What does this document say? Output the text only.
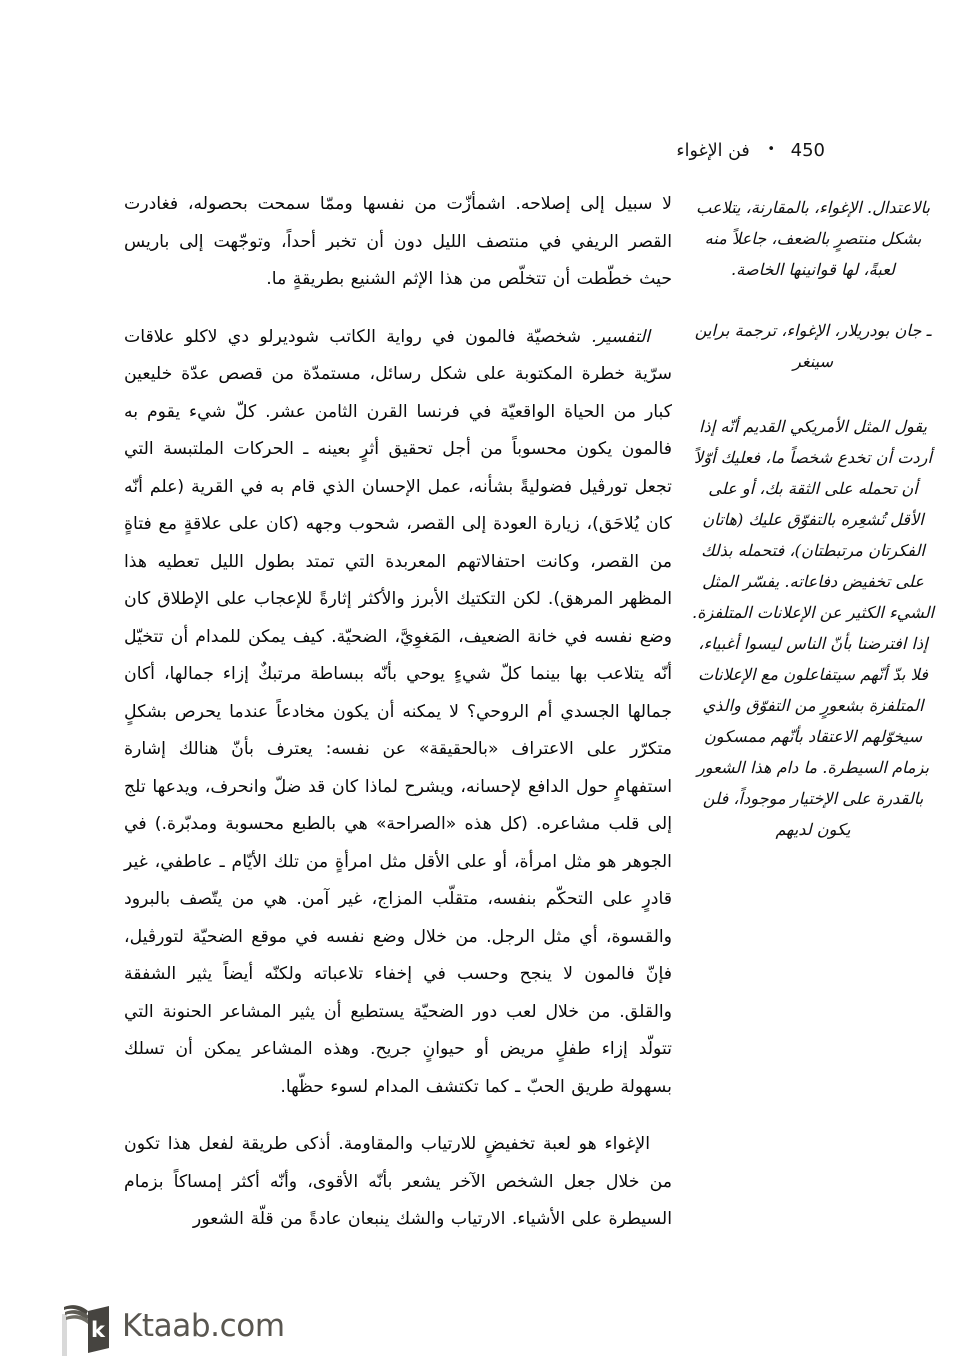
450 • فن الإغواء

لا سبيل إلى إصلاحه. اشمأزّت من نفسها وممّا سمحت بحصوله، فغادرت القصر الريفي في منتصف الليل دون أن تخبر أحداً، وتوجّهت إلى باريس حيث خطّطت أن تتخلّص من هذا الإثم الشنيع بطريقةٍ ما.

التفسير. شخصيّة فالمون في رواية الكاتب شوديرلو دي لاكلو علاقات سرّية خطرة المكتوبة على شكل رسائل، مستمدّة من قصص عدّة خليعين كبار من الحياة الواقعيّة في فرنسا القرن الثامن عشر. كلّ شيء يقوم به فالمون يكون محسوباً من أجل تحقيق أثرٍ بعينه ـ الحركات الملتبسة التي تجعل تورڤيل فضوليةً بشأنه، عمل الإحسان الذي قام به في القرية (علم أنّه كان يُلاحَق)، زيارة العودة إلى القصر، شحوب وجهه (كان على علاقةٍ مع فتاةٍ من القصر، وكانت احتفالاتهم المعربدة التي تمتد بطول الليل تعطيه هذا المظهر المرهق). لكن التكتيك الأبرز والأكثر إثارةً للإعجاب على الإطلاق كان وضع نفسه في خانة الضعيف، المَغوِيَّ، الضحيّة. كيف يمكن للمدام أن تتخيّل أنّه يتلاعب بها بينما كلّ شيءٍ يوحي بأنّه ببساطة مرتبكٌ إزاء جمالها، أكان جمالها الجسدي أم الروحي؟ لا يمكنه أن يكون مخادعاً عندما يحرص بشكلٍ متكرّر على الاعتراف «بالحقيقة» عن نفسه: يعترف بأنّ هنالك إشارة استفهامٍ حول الدافع لإحسانه، ويشرح لماذا كان قد ضلّ وانحرف، ويدعها تلج إلى قلب مشاعره. (كل هذه «الصراحة» هي بالطبع محسوبة ومدبّرة.) في الجوهر هو مثل امرأة، أو على الأقل مثل امرأةٍ من تلك الأيّام ـ عاطفي، غير قادرٍ على التحكّم بنفسه، متقلّب المزاج، غير آمن. هي من يتّصف بالبرود والقسوة، أي مثل الرجل. من خلال وضع نفسه في موقع الضحيّة لتورڤيل، فإنّ فالمون لا ينجح وحسب في إخفاء تلاعباته ولكنّه أيضاً يثير الشفقة والقلق. من خلال لعب دور الضحيّة يستطيع أن يثير المشاعر الحنونة التي تتولّد إزاء طفلٍ مريض أو حيوانٍ جريح. وهذه المشاعر يمكن أن تسلك بسهولة طريق الحبّ ـ كما تكتشف المدام لسوء حظّها.

الإغواء هو لعبة تخفيضٍ للارتياب والمقاومة. أذكى طريقة لفعل هذا تكون من خلال جعل الشخص الآخر يشعر بأنّه الأقوى، وأنّه أكثر إمساكاً بزمام السيطرة على الأشياء. الارتياب والشك ينبعان عادةً من قلّة الشعور

بالاعتدال. الإغواء، بالمقارنة، يتلاعب بشكل منتصرٍ بالضعف، جاعلاً منه لعبةً، لها قوانينها الخاصة.
ـ جان بودريلار، الإغواء، ترجمة براين سينغر
يقول المثل الأمريكي القديم أنّه إذا أردت أن تخدع شخصاً ما، فعليك أوّلاً أن تحمله على الثقة بك، أو على الأقل تُشعِره بالتفوّق عليك (هاتان الفكرتان مرتبطتان)، فتحمله بذلك على تخفيض دفاعاته. يفسّر المثل الشيء الكثير عن الإعلانات المتلفزة. إذا افترضنا بأنّ الناس ليسوا أغبياء، فلا بدّ أنّهم سيتفاعلون مع الإعلانات المتلفزة بشعورٍ من التفوّق والذي سيخوّلهم الاعتقاد بأنّهم ممسكون بزمام السيطرة. ما دام هذا الشعور بالقدرة على الإختيار موجوداً، فلن يكون لديهم
k Ktaab.com
